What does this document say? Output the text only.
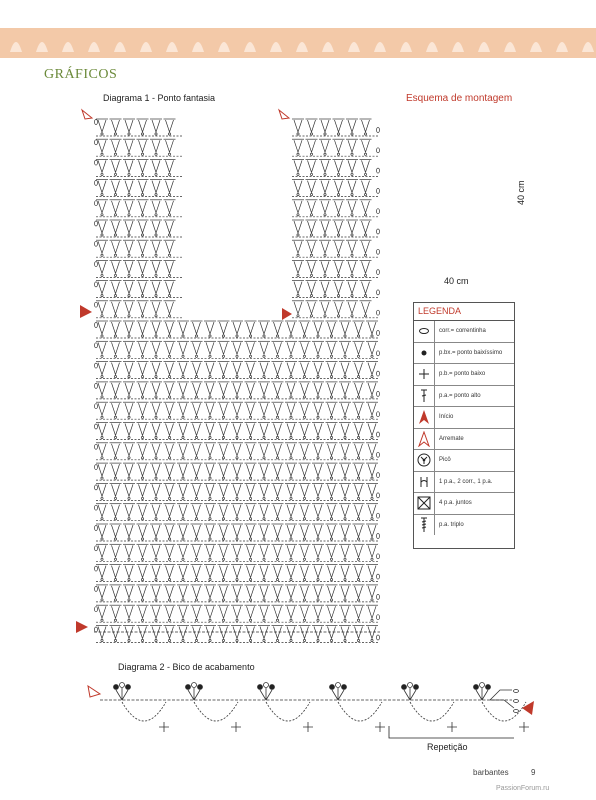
GRÁFICOS
Diagrama 1 - Ponto fantasia	Esquema de montagem
40 cm
40 cm
LEGENDA
corr.= correntinha
p.bx.= ponto baixíssimo
p.b.= ponto baixo
p.a.= ponto alto
Início
Arremate
Picô
1 p.a., 2 corr., 1 p.a.
4 p.a. juntos
p.a. triplo
Diagrama 2 - Bico de acabamento
Repetição
barbantes	9
PassionForum.ru
